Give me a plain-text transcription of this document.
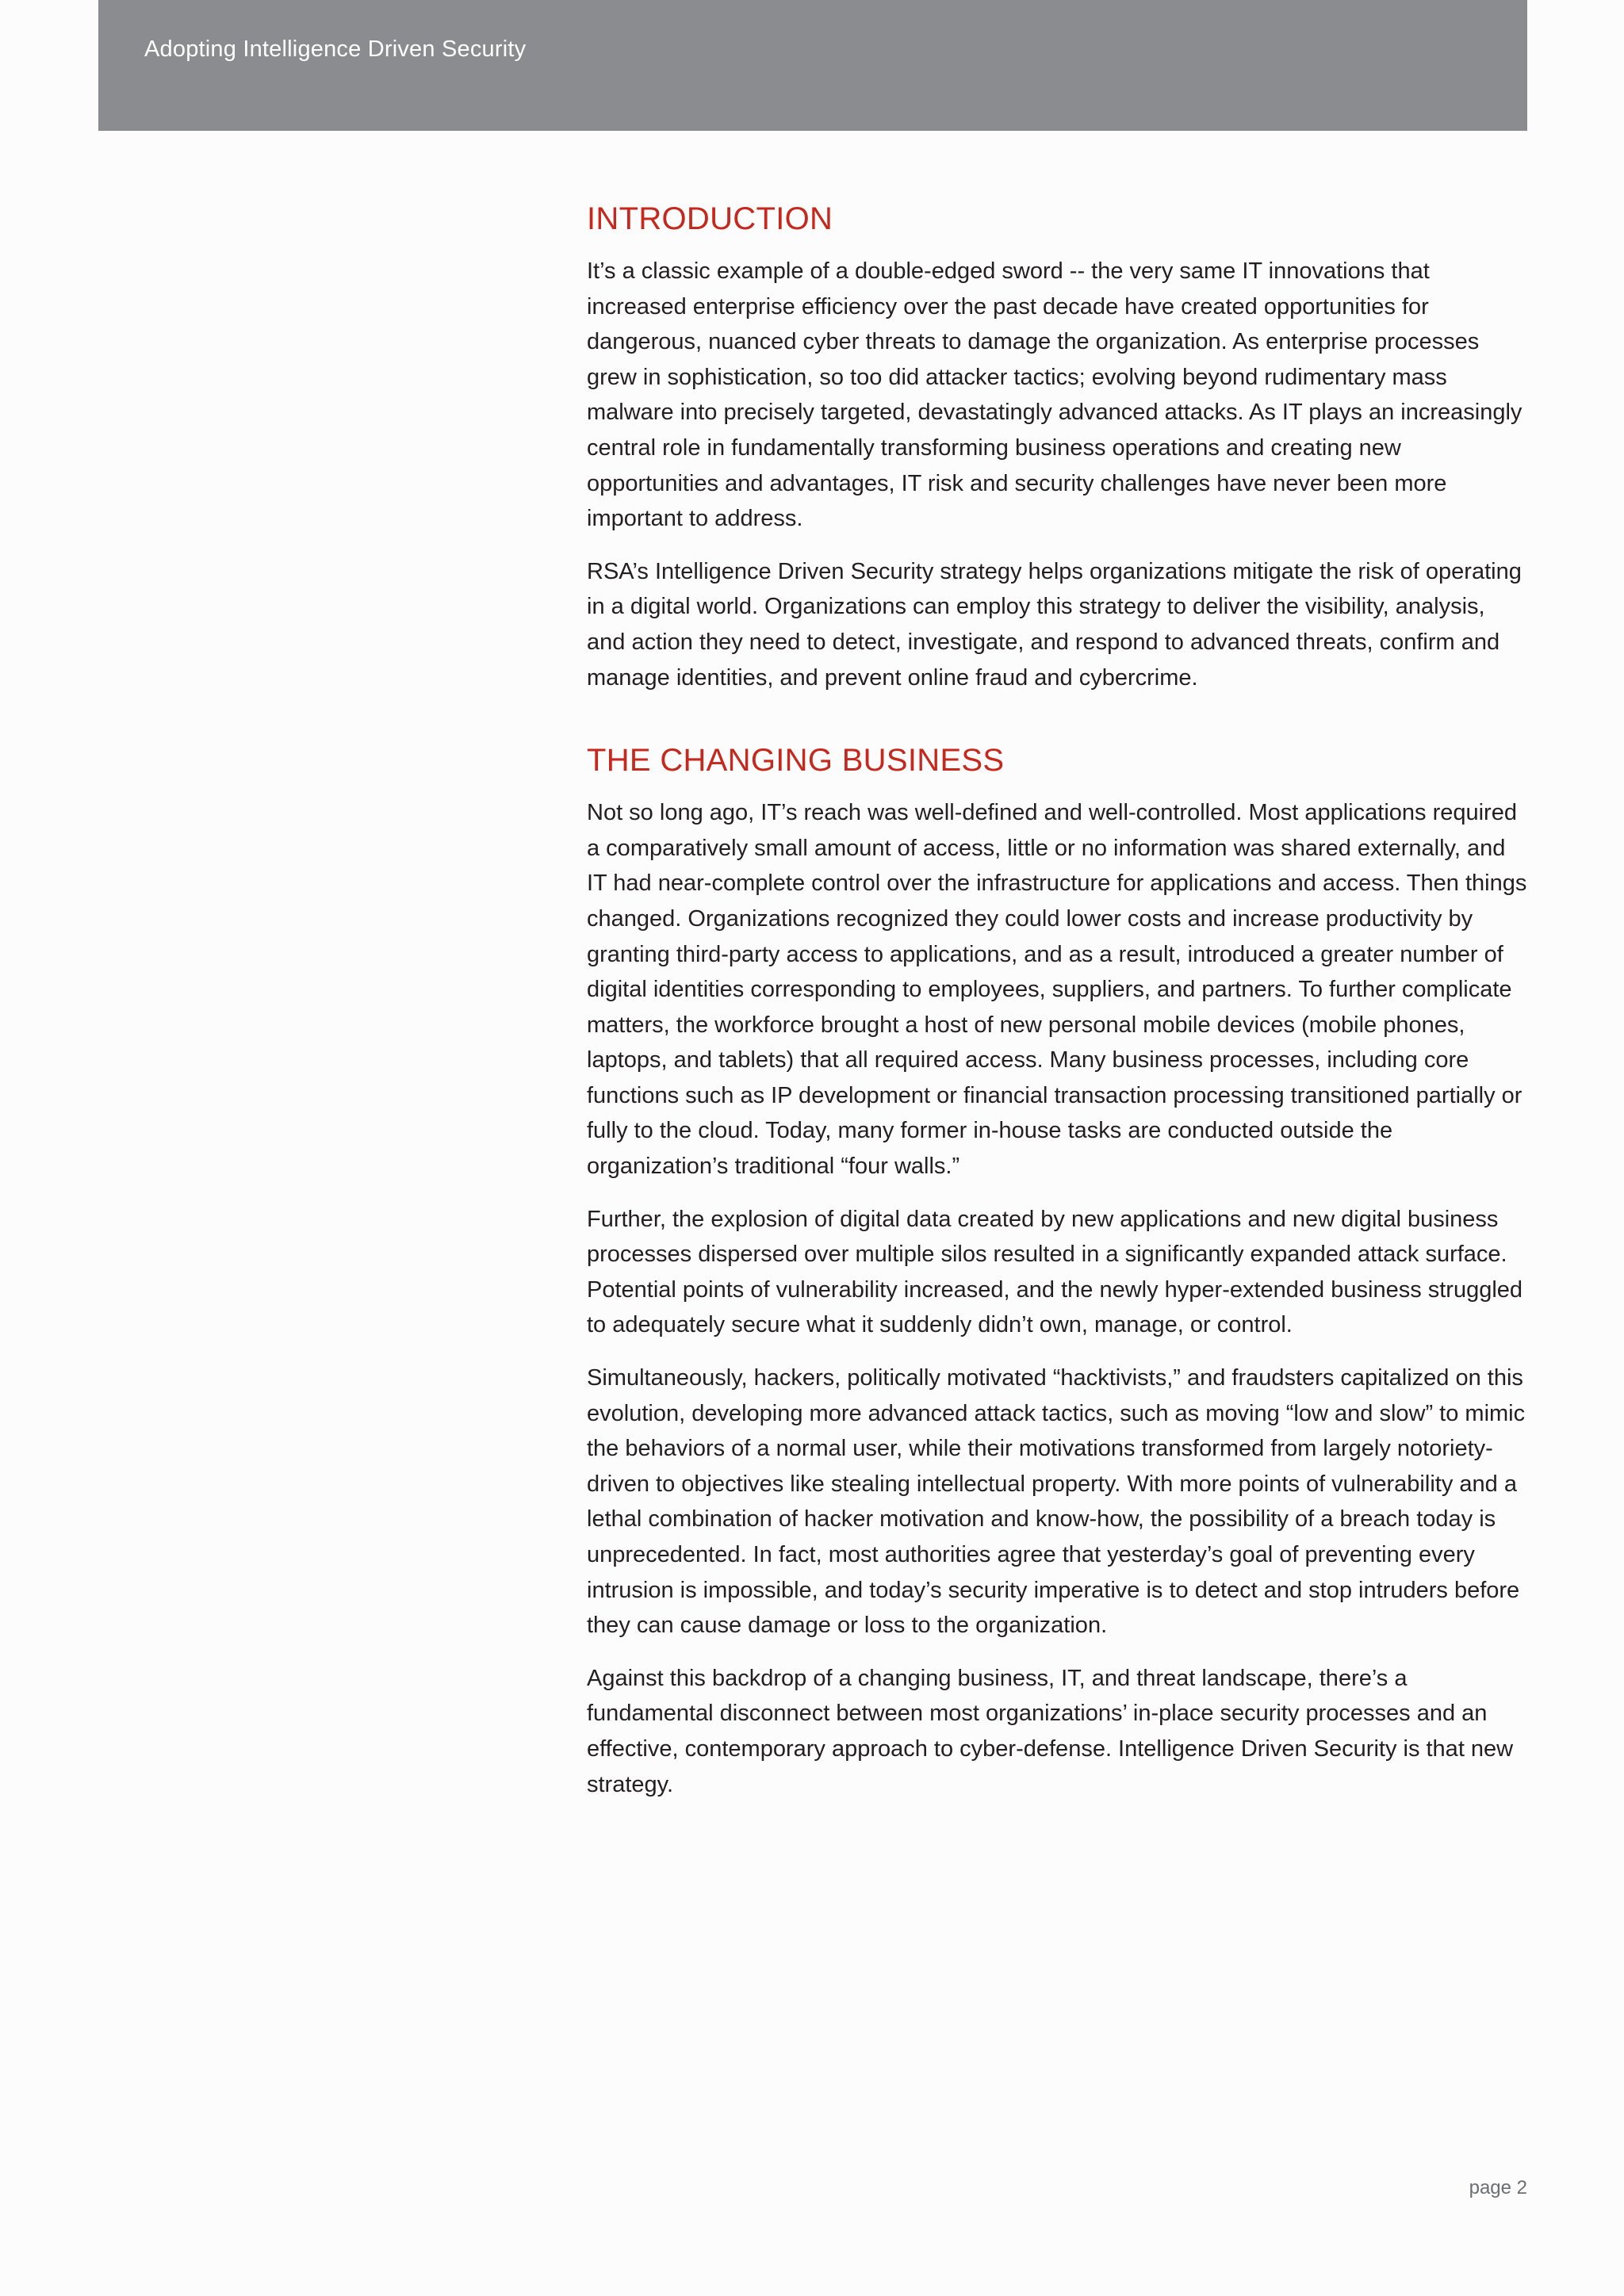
Adopting Intelligence Driven Security
INTRODUCTION

It’s a classic example of a double-edged sword -- the very same IT innovations that increased enterprise efficiency over the past decade have created opportunities for dangerous, nuanced cyber threats to damage the organization. As enterprise processes grew in sophistication, so too did attacker tactics; evolving beyond rudimentary mass malware into precisely targeted, devastatingly advanced attacks. As IT plays an increasingly central role in fundamentally transforming business operations and creating new opportunities and advantages, IT risk and security challenges have never been more important to address.

RSA’s Intelligence Driven Security strategy helps organizations mitigate the risk of operating in a digital world. Organizations can employ this strategy to deliver the visibility, analysis, and action they need to detect, investigate, and respond to advanced threats, confirm and manage identities, and prevent online fraud and cybercrime.

THE CHANGING BUSINESS

Not so long ago, IT’s reach was well-defined and well-controlled. Most applications required a comparatively small amount of access, little or no information was shared externally, and IT had near-complete control over the infrastructure for applications and access. Then things changed. Organizations recognized they could lower costs and increase productivity by granting third-party access to applications, and as a result, introduced a greater number of digital identities corresponding to employees, suppliers, and partners. To further complicate matters, the workforce brought a host of new personal mobile devices (mobile phones, laptops, and tablets) that all required access. Many business processes, including core functions such as IP development or financial transaction processing transitioned partially or fully to the cloud. Today, many former in-house tasks are conducted outside the organization’s traditional “four walls.”

Further, the explosion of digital data created by new applications and new digital business processes dispersed over multiple silos resulted in a significantly expanded attack surface. Potential points of vulnerability increased, and the newly hyper-extended business struggled to adequately secure what it suddenly didn’t own, manage, or control.

Simultaneously, hackers, politically motivated “hacktivists,” and fraudsters capitalized on this evolution, developing more advanced attack tactics, such as moving “low and slow” to mimic the behaviors of a normal user, while their motivations transformed from largely notoriety-driven to objectives like stealing intellectual property. With more points of vulnerability and a lethal combination of hacker motivation and know-how, the possibility of a breach today is unprecedented. In fact, most authorities agree that yesterday’s goal of preventing every intrusion is impossible, and today’s security imperative is to detect and stop intruders before they can cause damage or loss to the organization.

Against this backdrop of a changing business, IT, and threat landscape, there’s a fundamental disconnect between most organizations’ in-place security processes and an effective, contemporary approach to cyber-defense. Intelligence Driven Security is that new strategy.

page 2
